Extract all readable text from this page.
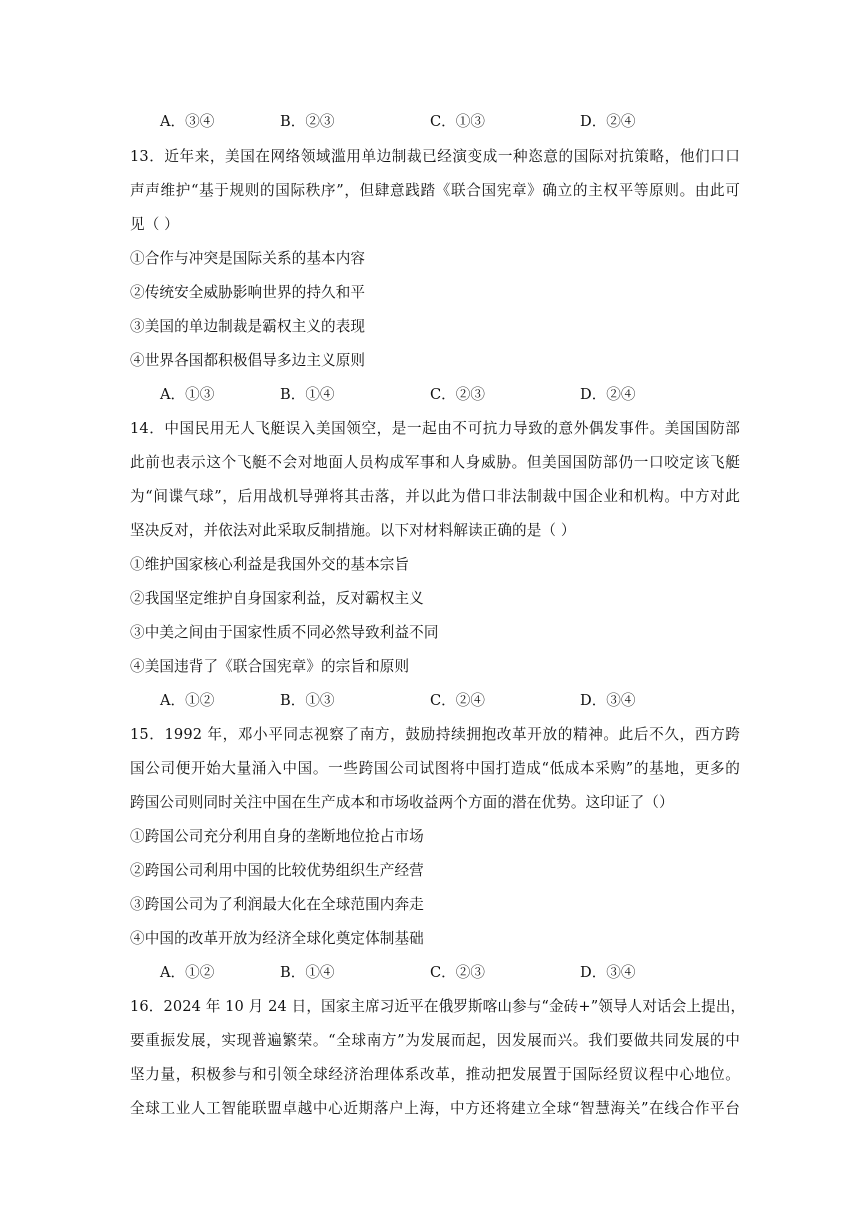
A．③④	B．②③	C．①③	D．②④
13．近年来，美国在网络领域滥用单边制裁已经演变成一种恣意的国际对抗策略，他们口口
声声维护“基于规则的国际秩序”，但肆意践踏《联合国宪章》确立的主权平等原则。由此可
见（ ）
①合作与冲突是国际关系的基本内容
②传统安全威胁影响世界的持久和平
③美国的单边制裁是霸权主义的表现
④世界各国都积极倡导多边主义原则
A．①③	B．①④	C．②③	D．②④
14．中国民用无人飞艇误入美国领空，是一起由不可抗力导致的意外偶发事件。美国国防部
此前也表示这个飞艇不会对地面人员构成军事和人身威胁。但美国国防部仍一口咬定该飞艇
为“间谍气球”，后用战机导弹将其击落，并以此为借口非法制裁中国企业和机构。中方对此
坚决反对，并依法对此采取反制措施。以下对材料解读正确的是（ ）
①维护国家核心利益是我国外交的基本宗旨
②我国坚定维护自身国家利益，反对霸权主义
③中美之间由于国家性质不同必然导致利益不同
④美国违背了《联合国宪章》的宗旨和原则
A．①②	B．①③	C．②④	D．③④
15．1992 年，邓小平同志视察了南方，鼓励持续拥抱改革开放的精神。此后不久，西方跨
国公司便开始大量涌入中国。一些跨国公司试图将中国打造成“低成本采购”的基地，更多的
跨国公司则同时关注中国在生产成本和市场收益两个方面的潜在优势。这印证了（）
①跨国公司充分利用自身的垄断地位抢占市场
②跨国公司利用中国的比较优势组织生产经营
③跨国公司为了利润最大化在全球范围内奔走
④中国的改革开放为经济全球化奠定体制基础
A．①②	B．①④	C．②③	D．③④
16．2024 年 10 月 24 日，国家主席习近平在俄罗斯喀山参与“金砖+”领导人对话会上提出，
要重振发展，实现普遍繁荣。“全球南方”为发展而起，因发展而兴。我们要做共同发展的中
坚力量，积极参与和引领全球经济治理体系改革，推动把发展置于国际经贸议程中心地位。
全球工业人工智能联盟卓越中心近期落户上海，中方还将建立全球“智慧海关”在线合作平台
